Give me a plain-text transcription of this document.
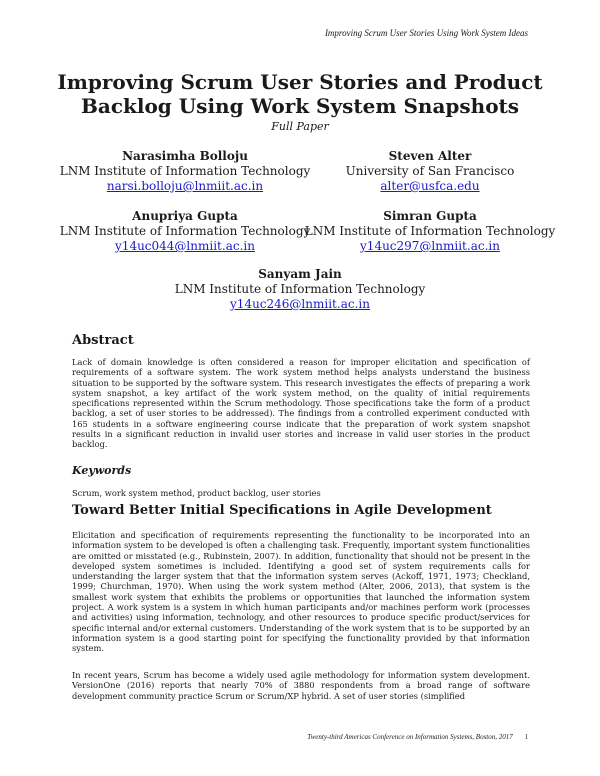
Improving Scrum User Stories Using Work System Ideas
Improving Scrum User Stories and Product
Backlog Using Work System Snapshots
Full Paper
Narasimha Bolloju
LNM Institute of Information Technology
narsi.bolloju@lnmiit.ac.in
Steven Alter
University of San Francisco
alter@usfca.edu
Anupriya Gupta
LNM Institute of Information Technology
y14uc044@lnmiit.ac.in
Simran Gupta
LNM Institute of Information Technology
y14uc297@lnmiit.ac.in
Sanyam Jain
LNM Institute of Information Technology
y14uc246@lnmiit.ac.in
Abstract
Lack of domain knowledge is often considered a reason for improper elicitation and specification of requirements of a software system. The work system method helps analysts understand the business situation to be supported by the software system. This research investigates the effects of preparing a work system snapshot, a key artifact of the work system method, on the quality of initial requirements specifications represented within the Scrum methodology. Those specifications take the form of a product backlog, a set of user stories to be addressed). The findings from a controlled experiment conducted with 165 students in a software engineering course indicate that the preparation of work system snapshot results in a significant reduction in invalid user stories and increase in valid user stories in the product backlog.
Keywords
Scrum, work system method, product backlog, user stories
Toward Better Initial Specifications in Agile Development
Elicitation and specification of requirements representing the functionality to be incorporated into an information system to be developed is often a challenging task. Frequently, important system functionalities are omitted or misstated (e.g., Rubinstein, 2007). In addition, functionality that should not be present in the developed system sometimes is included. Identifying a good set of system requirements calls for understanding the larger system that that the information system serves (Ackoff, 1971, 1973; Checkland, 1999; Churchman, 1970). When using the work system method (Alter, 2006, 2013), that system is the smallest work system that exhibits the problems or opportunities that launched the information system project. A work system is a system in which human participants and/or machines perform work (processes and activities) using information, technology, and other resources to produce specific product/services for specific internal and/or external customers. Understanding of the work system that is to be supported by an information system is a good starting point for specifying the functionality provided by that information system.
In recent years, Scrum has become a widely used agile methodology for information system development. VersionOne (2016) reports that nearly 70% of 3880 respondents from a broad range of software development community practice Scrum or Scrum/XP hybrid. A set of user stories (simplified
Twenty-third Americas Conference on Information Systems, Boston, 2017 1
